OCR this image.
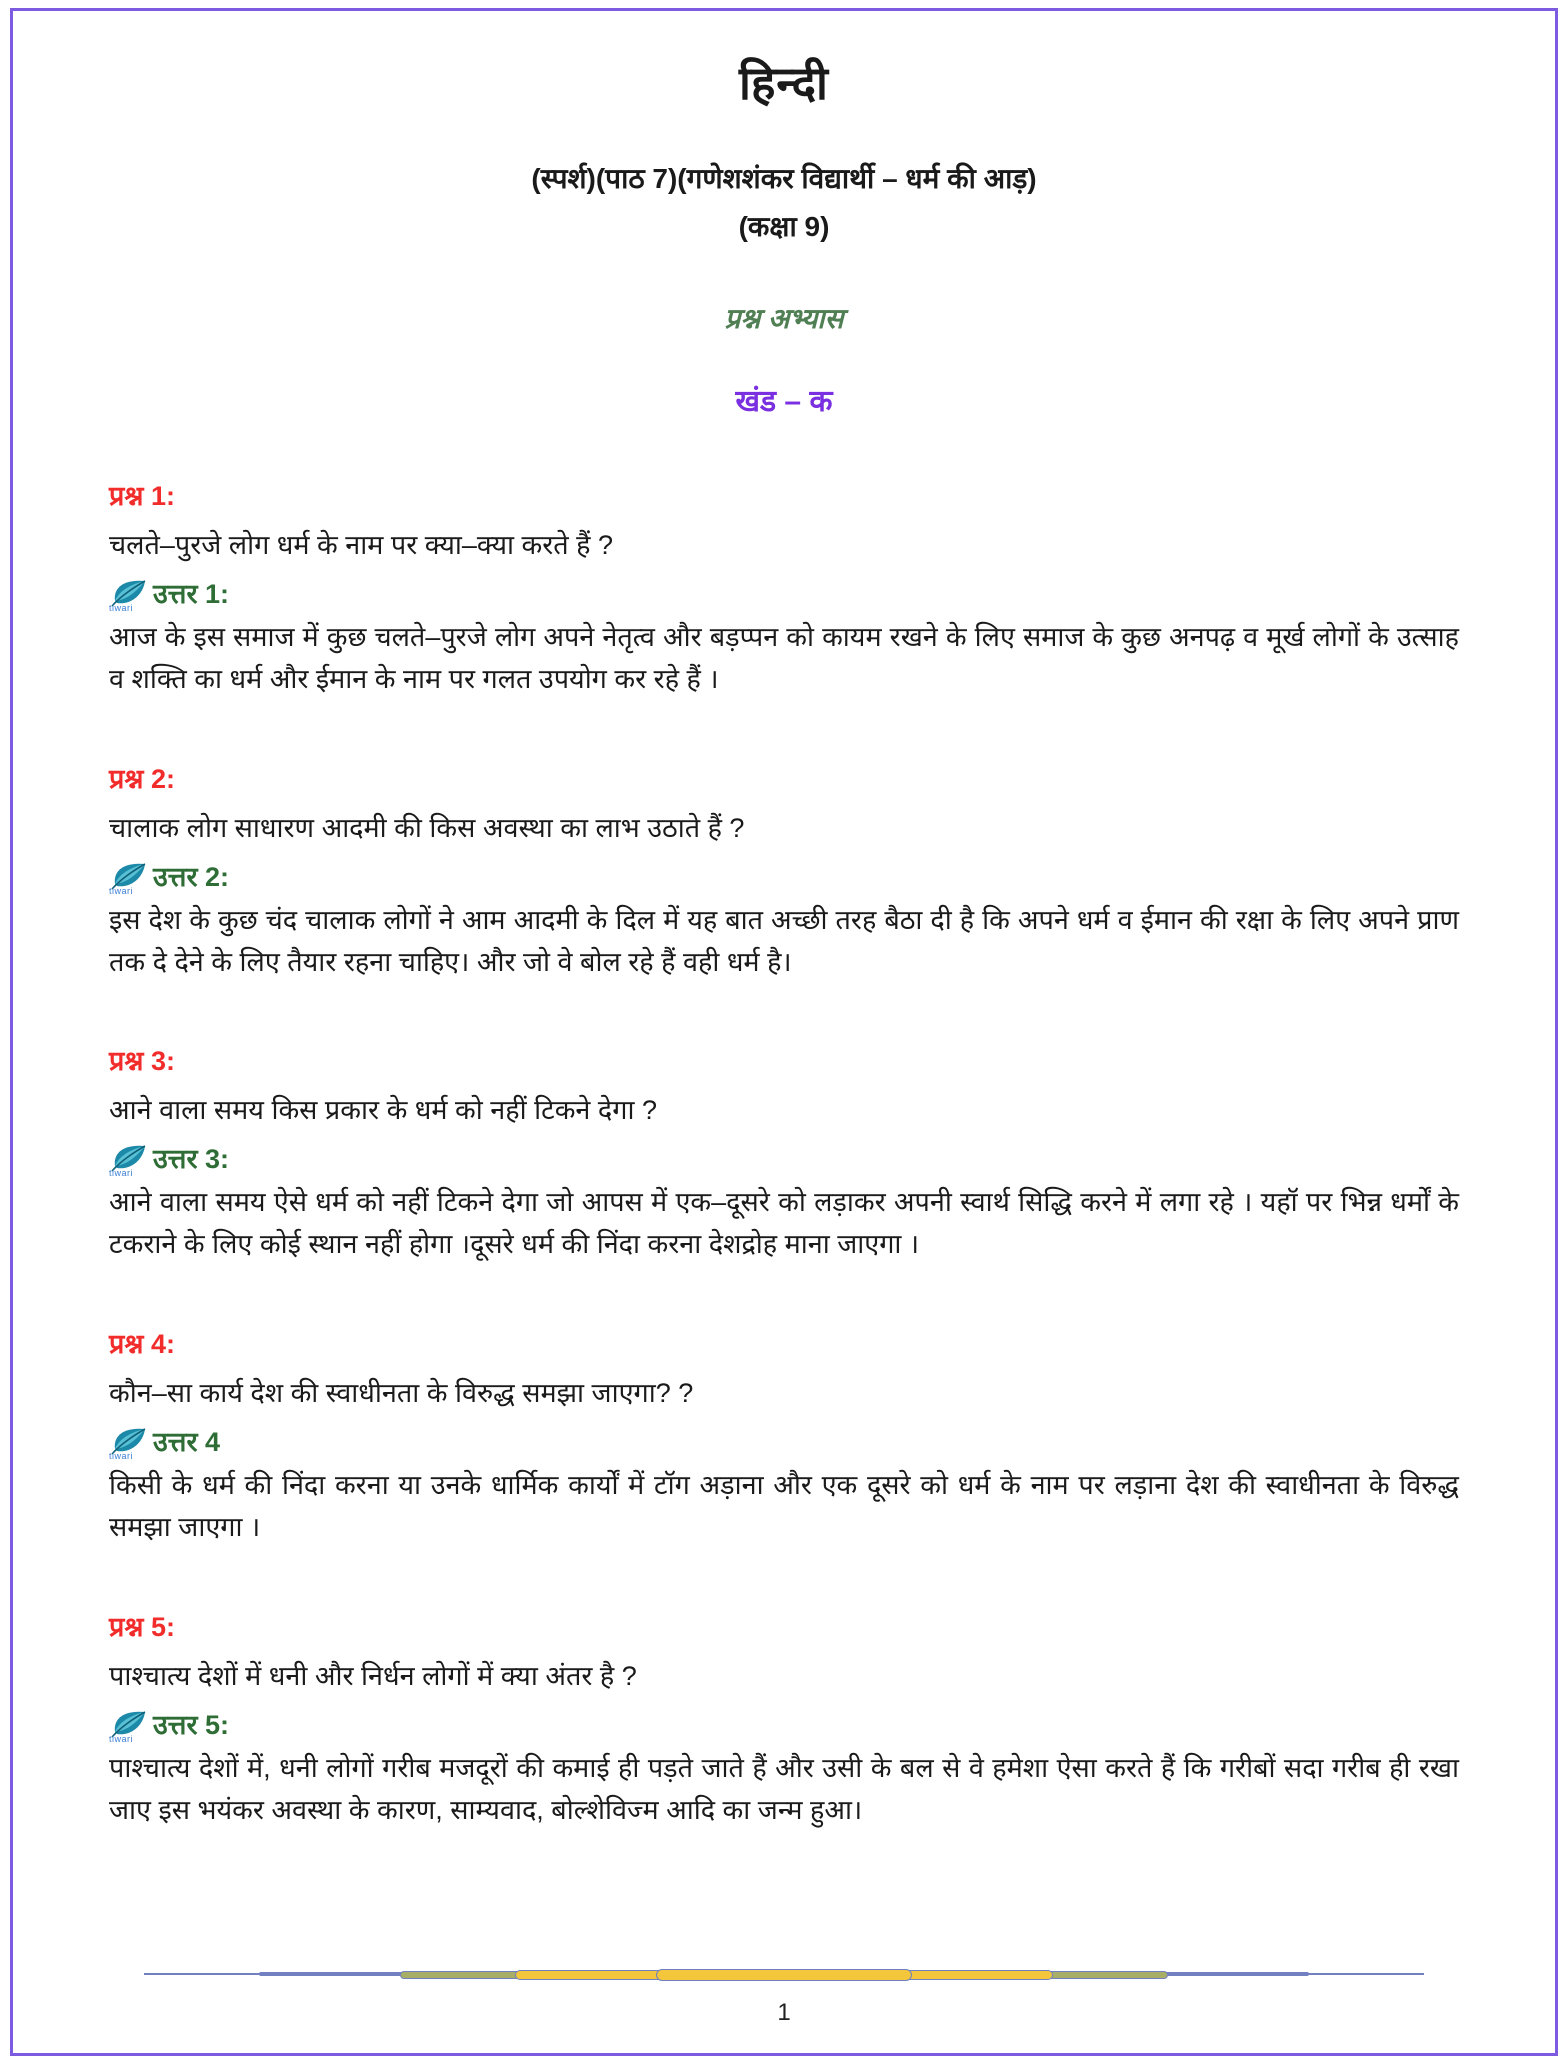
हिन्दी
(स्पर्श)(पाठ 7)(गणेशशंकर विद्यार्थी – धर्म की आड़)
(कक्षा 9)
प्रश्न अभ्यास
खंड – क
प्रश्न 1:
चलते–पुरजे लोग धर्म के नाम पर क्या–क्या करते हैं ?
tiwari उत्तर 1:
आज के इस समाज में कुछ चलते–पुरजे लोग अपने नेतृत्व और बड़प्पन को कायम रखने के लिए समाज के कुछ अनपढ़ व मूर्ख लोगों के उत्साह व शक्ति का धर्म और ईमान के नाम पर गलत उपयोग कर रहे हैं ।
प्रश्न 2:
चालाक लोग साधारण आदमी की किस अवस्था का लाभ उठाते हैं ?
tiwari उत्तर 2:
इस देश के कुछ चंद चालाक लोगों ने आम आदमी के दिल में यह बात अच्छी तरह बैठा दी है कि अपने धर्म व ईमान की रक्षा के लिए अपने प्राण तक दे देने के लिए तैयार रहना चाहिए। और जो वे बोल रहे हैं वही धर्म है।
प्रश्न 3:
आने वाला समय किस प्रकार के धर्म को नहीं टिकने देगा ?
tiwari उत्तर 3:
आने वाला समय ऐसे धर्म को नहीं टिकने देगा जो आपस में एक–दूसरे को लड़ाकर अपनी स्वार्थ सिद्धि करने में लगा रहे । यहॉ पर भिन्न धर्मों के टकराने के लिए कोई स्थान नहीं होगा ।दूसरे धर्म की निंदा करना देशद्रोह माना जाएगा ।
प्रश्न 4:
कौन–सा कार्य देश की स्वाधीनता के विरुद्ध समझा जाएगा? ?
tiwari उत्तर 4
किसी के धर्म की निंदा करना या उनके धार्मिक कार्यों में टॉग अड़ाना और एक दूसरे को धर्म के नाम पर लड़ाना देश की स्वाधीनता के विरुद्ध समझा जाएगा ।
प्रश्न 5:
पाश्चात्य देशों में धनी और निर्धन लोगों में क्या अंतर है ?
tiwari उत्तर 5:
पाश्चात्य देशों में, धनी लोगों गरीब मजदूरों की कमाई ही पड़ते जाते हैं और उसी के बल से वे हमेशा ऐसा करते हैं कि गरीबों सदा गरीब ही रखा जाए इस भयंकर अवस्था के कारण, साम्यवाद, बोल्शेविज्म आदि का जन्म हुआ।
1
